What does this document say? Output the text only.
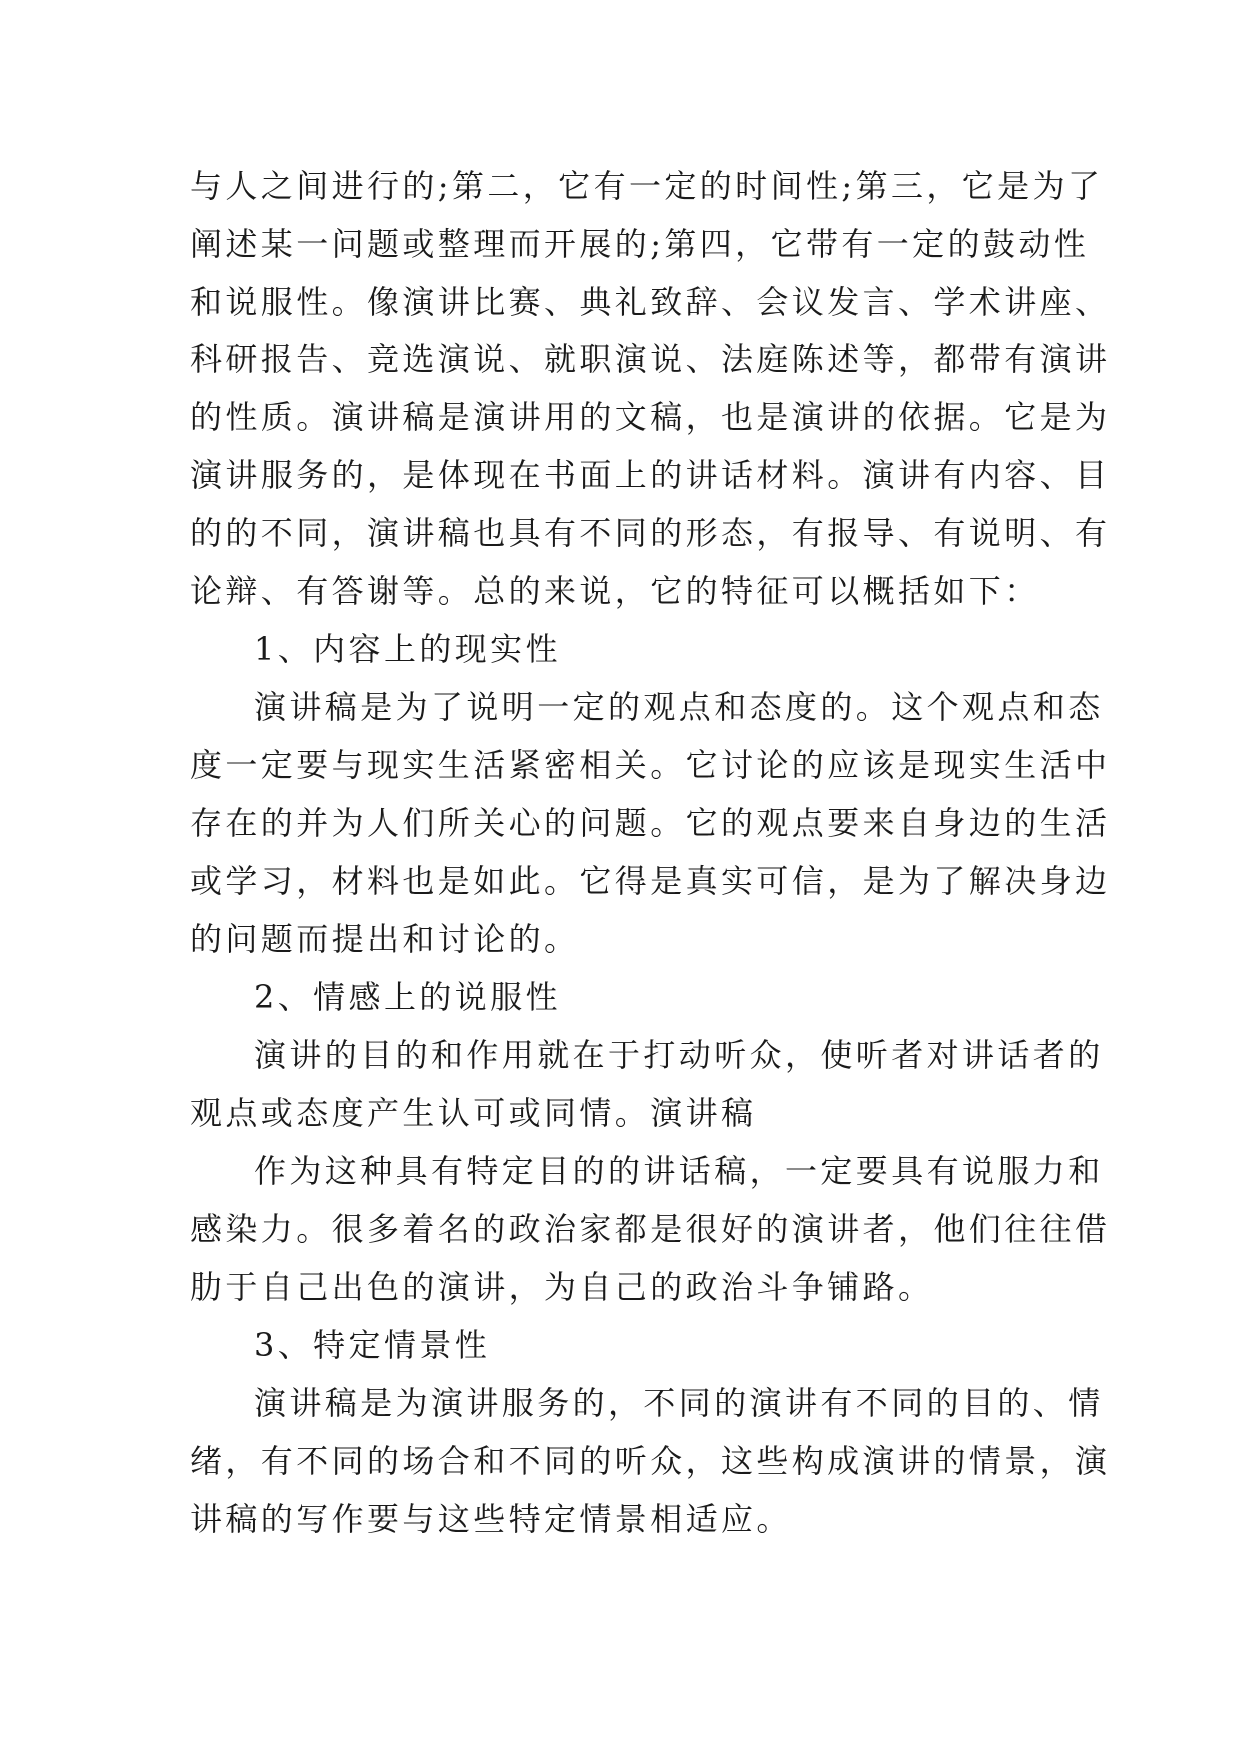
与人之间进行的;第二，它有一定的时间性;第三，它是为了
阐述某一问题或整理而开展的;第四，它带有一定的鼓动性
和说服性。像演讲比赛、典礼致辞、会议发言、学术讲座、
科研报告、竞选演说、就职演说、法庭陈述等，都带有演讲
的性质。演讲稿是演讲用的文稿，也是演讲的依据。它是为
演讲服务的，是体现在书面上的讲话材料。演讲有内容、目
的的不同，演讲稿也具有不同的形态，有报导、有说明、有
论辩、有答谢等。总的来说，它的特征可以概括如下：
1、内容上的现实性
演讲稿是为了说明一定的观点和态度的。这个观点和态
度一定要与现实生活紧密相关。它讨论的应该是现实生活中
存在的并为人们所关心的问题。它的观点要来自身边的生活
或学习，材料也是如此。它得是真实可信，是为了解决身边
的问题而提出和讨论的。
2、情感上的说服性
演讲的目的和作用就在于打动听众，使听者对讲话者的
观点或态度产生认可或同情。演讲稿
作为这种具有特定目的的讲话稿，一定要具有说服力和
感染力。很多着名的政治家都是很好的演讲者，他们往往借
肋于自己出色的演讲，为自己的政治斗争铺路。
3、特定情景性
演讲稿是为演讲服务的，不同的演讲有不同的目的、情
绪，有不同的场合和不同的听众，这些构成演讲的情景，演
讲稿的写作要与这些特定情景相适应。
